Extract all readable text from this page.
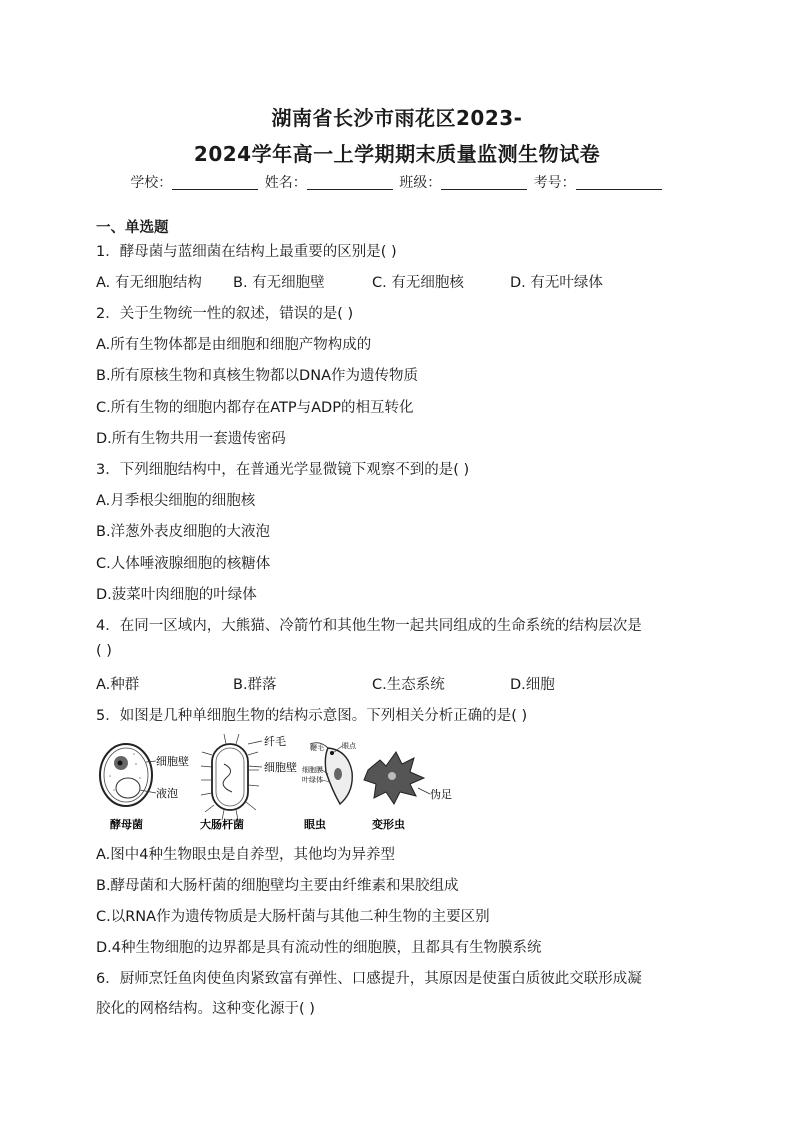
湖南省长沙市雨花区2023-
2024学年高一上学期期末质量监测生物试卷
学校：	姓名：	班级：	考号：
一、单选题
1．酵母菌与蓝细菌在结构上最重要的区别是( )
A. 有无细胞结构 B. 有无细胞壁	C. 有无细胞核	D. 有无叶绿体
2．关于生物统一性的叙述，错误的是( )
A.所有生物体都是由细胞和细胞产物构成的
B.所有原核生物和真核生物都以DNA作为遗传物质
C.所有生物的细胞内都存在ATP与ADP的相互转化
D.所有生物共用一套遗传密码
3．下列细胞结构中，在普通光学显微镜下观察不到的是( )
A.月季根尖细胞的细胞核
B.洋葱外表皮细胞的大液泡
C.人体唾液腺细胞的核糖体
D.菠菜叶肉细胞的叶绿体
4．在同一区域内，大熊猫、冷箭竹和其他生物一起共同组成的生命系统的结构层次是
( )
A.种群	B.群落	C.生态系统	D.细胞
5．如图是几种单细胞生物的结构示意图。下列相关分析正确的是( )
细胞壁
液泡
酵母菌
纤毛
细胞壁
大肠杆菌
鞭毛	眼点
细胞膜
叶绿体
眼虫
伪足
变形虫
A.图中4种生物眼虫是自养型，其他均为异养型
B.酵母菌和大肠杆菌的细胞壁均主要由纤维素和果胶组成
C.以RNA作为遗传物质是大肠杆菌与其他二种生物的主要区别
D.4种生物细胞的边界都是具有流动性的细胞膜，且都具有生物膜系统
6．厨师烹饪鱼肉使鱼肉紧致富有弹性、口感提升，其原因是使蛋白质彼此交联形成凝
胶化的网格结构。这种变化源于( )
